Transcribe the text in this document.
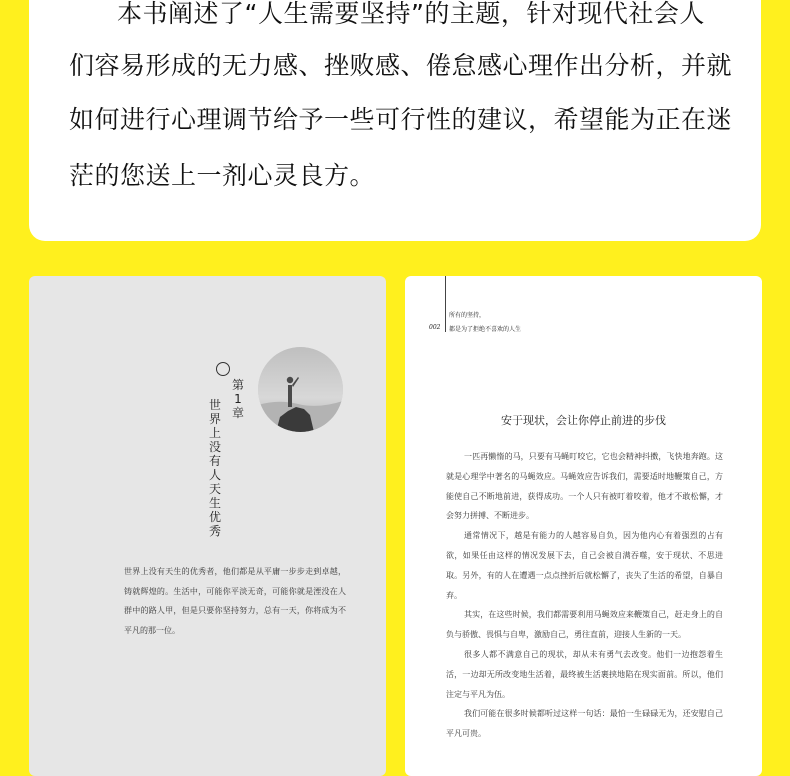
本书阐述了“人生需要坚持”的主题，针对现代社会人
们容易形成的无力感、挫败感、倦怠感心理作出分析，并就
如何进行心理调节给予一些可行性的建议，希望能为正在迷
茫的您送上一剂心灵良方。
第1章
世界上没有人天生优秀

世界上没有天生的优秀者，他们都是从平庸一步步走到卓越，铸就辉煌的。生活中，可能你平淡无奇，可能你就是湮没在人群中的路人甲，但是只要你坚持努力，总有一天，你将成为不平凡的那一位。

所有的坚持，
002 都是为了拒绝不喜欢的人生
安于现状，会让你停止前进的步伐

一匹再懒惰的马，只要有马蝇叮咬它，它也会精神抖擞，飞快地奔跑。这就是心理学中著名的马蝇效应。马蝇效应告诉我们，需要适时地鞭策自己，方能使自己不断地前进，获得成功。一个人只有被叮着咬着，他才不敢松懈，才会努力拼搏、不断进步。

通常情况下，越是有能力的人越容易自负，因为他内心有着强烈的占有欲，如果任由这样的情况发展下去，自己会被自满吞噬，安于现状、不思进取。另外，有的人在遭遇一点点挫折后就松懈了，丧失了生活的希望，自暴自弃。

其实，在这些时候，我们都需要利用马蝇效应来鞭策自己，赶走身上的自负与骄傲、畏惧与自卑，激励自己，勇往直前，迎接人生新的一天。

很多人都不满意自己的现状，却从未有勇气去改变。他们一边抱怨着生活，一边却无所改变地生活着，最终被生活裹挟地陷在现实面前。所以，他们注定与平凡为伍。

我们可能在很多时候都听过这样一句话：最怕一生碌碌无为，还安慰自己平凡可贵。
